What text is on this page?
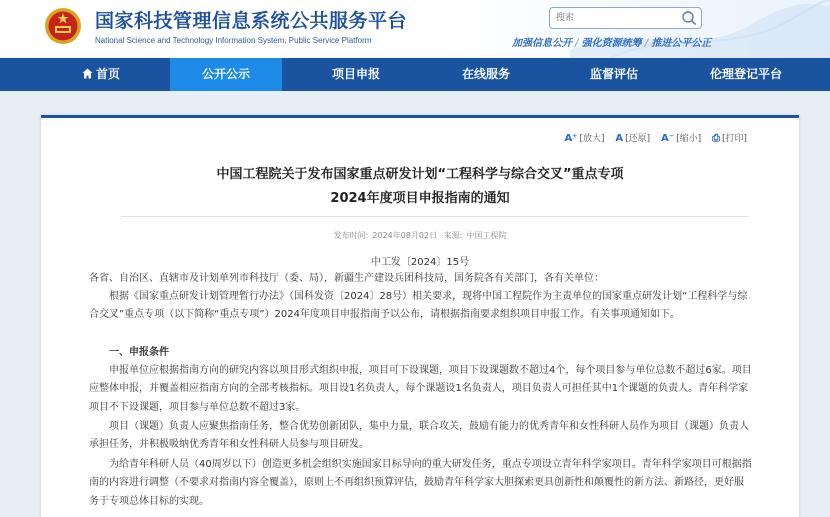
国家科技管理信息系统公共服务平台
National Science and Technology Information System, Public Service Platform
搜索	加强信息公开 / 强化资源统筹 / 推进公平公正
首页	公开公示	项目申报	在线服务	监督评估	伦理登记平台
A⁺ [放大] A [还原] A⁻ [缩小] ⎙ [打印]
中国工程院关于发布国家重点研发计划“工程科学与综合交叉”重点专项
2024年度项目申报指南的通知
发布时间: 2024年08月02日 来源: 中国工程院
中工发〔2024〕15号
各省、自治区、直辖市及计划单列市科技厅（委、局），新疆生产建设兵团科技局，国务院各有关部门，各有关单位：
根据《国家重点研发计划管理暂行办法》（国科发资〔2024〕28号）相关要求，现将中国工程院作为主责单位的国家重点研发计划“工程科学与综合交叉”重点专项（以下简称“重点专项”）2024年度项目申报指南予以公布，请根据指南要求组织项目申报工作。有关事项通知如下。
一、申报条件
申报单位应根据指南方向的研究内容以项目形式组织申报，项目可下设课题，项目下设课题数不超过4个，每个项目参与单位总数不超过6家。项目应整体申报，并覆盖相应指南方向的全部考核指标。项目设1名负责人，每个课题设1名负责人，项目负责人可担任其中1个课题的负责人。青年科学家项目不下设课题，项目参与单位总数不超过3家。
项目（课题）负责人应聚焦指南任务，整合优势创新团队，集中力量，联合攻关，鼓励有能力的优秀青年和女性科研人员作为项目（课题）负责人承担任务，并积极吸纳优秀青年和女性科研人员参与项目研发。
为给青年科研人员（40周岁以下）创造更多机会组织实施国家目标导向的重大研发任务，重点专项设立青年科学家项目。青年科学家项目可根据指南的内容进行调整（不要求对指南内容全覆盖），原则上不再组织预算评估，鼓励青年科学家大胆探索更具创新性和颠覆性的新方法、新路径，更好服务于专项总体目标的实现。
